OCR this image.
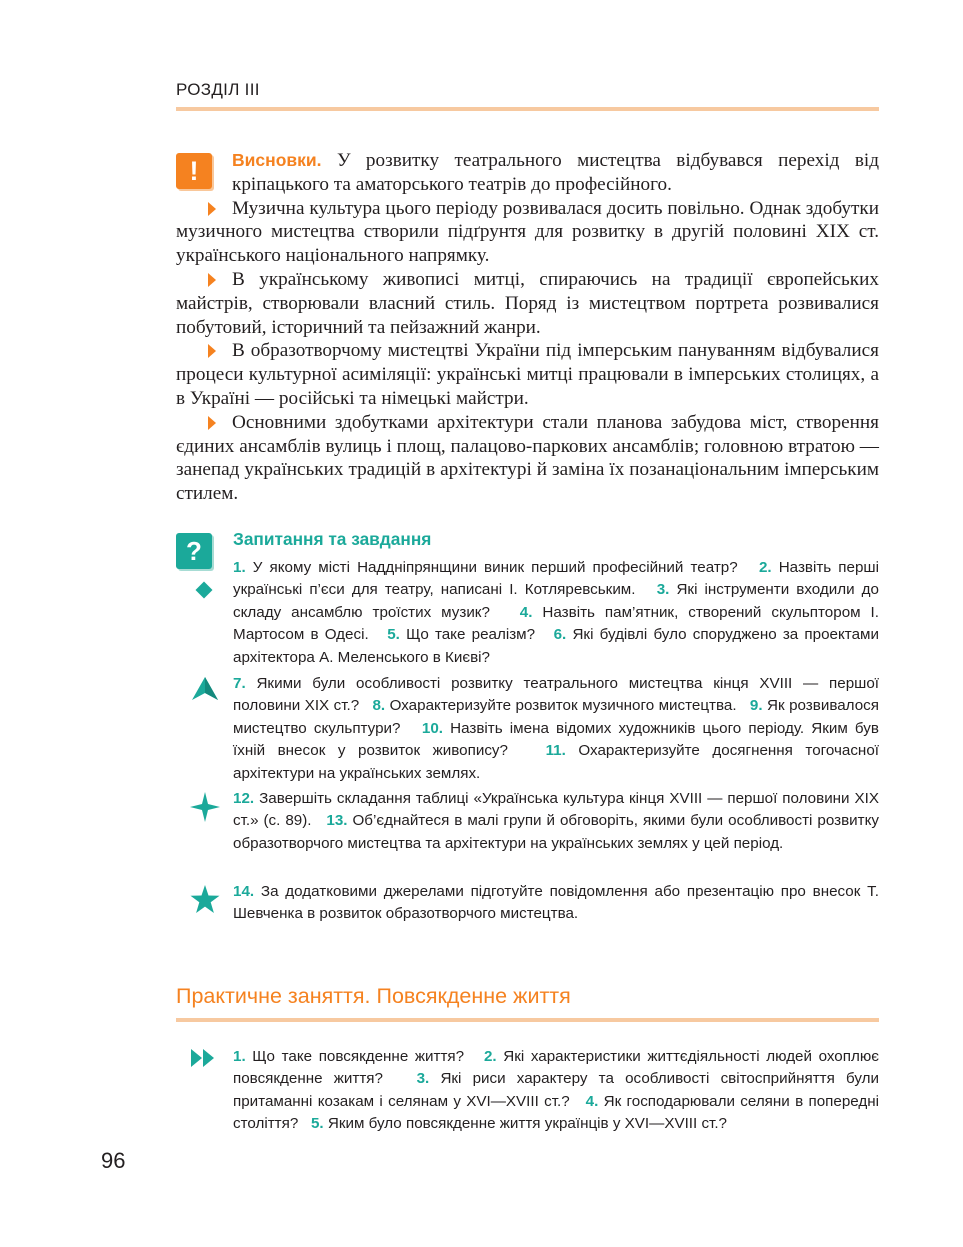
РОЗДІЛ ІІІ
!	Висновки. У розвитку театрального мистецтва відбувався перехід від кріпацького та аматорського театрів до професійного.

Музична культура цього періоду розвивалася досить повільно. Однак здобутки музичного мистецтва створили підґрунтя для розвитку в другій половині XIX ст. українського національного напрямку.

В українському живописі митці, спираючись на традиції європейських майстрів, створювали власний стиль. Поряд із мистецтвом портрета розвивалися побутовий, історичний та пейзажний жанри.

В образотворчому мистецтві України під імперським пануванням відбувалися процеси культурної асиміляції: українські митці працювали в імперських столицях, а в Україні — російські та німецькі майстри.

Основними здобутками архітектури стали планова забудова міст, створення єдиних ансамблів вулиць і площ, палацово-паркових ансамблів; головною втратою — занепад українських традицій в архітектурі й заміна їх позанаціональним імперським стилем.

?	Запитання та завдання

1. У якому місті Наддніпрянщини виник перший професійний театр? 2. Назвіть перші українські п’єси для театру, написані І. Котляревським. 3. Які інструменти входили до складу ансамблю троїстих музик? 4. Назвіть пам’ятник, створений скульптором І. Мартосом в Одесі. 5. Що таке реалізм? 6. Які будівлі було споруджено за проектами архітектора А. Меленського в Києві?

7. Якими були особливості розвитку театрального мистецтва кінця XVIII — першої половини XIX ст.? 8. Охарактеризуйте розвиток музичного мистецтва. 9. Як розвивалося мистецтво скульптури? 10. Назвіть імена відомих художників цього періоду. Яким був їхній внесок у розвиток живопису? 11. Охарактеризуйте досягнення тогочасної архітектури на українських землях.

12. Завершіть складання таблиці «Українська культура кінця XVIII — першої половини XIX ст.» (с. 89). 13. Об’єднайтеся в малі групи й обговоріть, якими були особливості розвитку образотворчого мистецтва та архітектури на українських землях у цей період.

14. За додатковими джерелами підготуйте повідомлення або презентацію про внесок Т. Шевченка в розвиток образотворчого мистецтва.

Практичне заняття. Повсякденне життя

1. Що таке повсякденне життя? 2. Які характеристики життєдіяльності людей охоплює повсякденне життя? 3. Які риси характеру та особливості світосприйняття були притаманні козакам і селянам у XVI—XVIII ст.? 4. Як господарювали селяни в попередні століття? 5. Яким було повсякденне життя українців у XVI—XVIII ст.?

96
